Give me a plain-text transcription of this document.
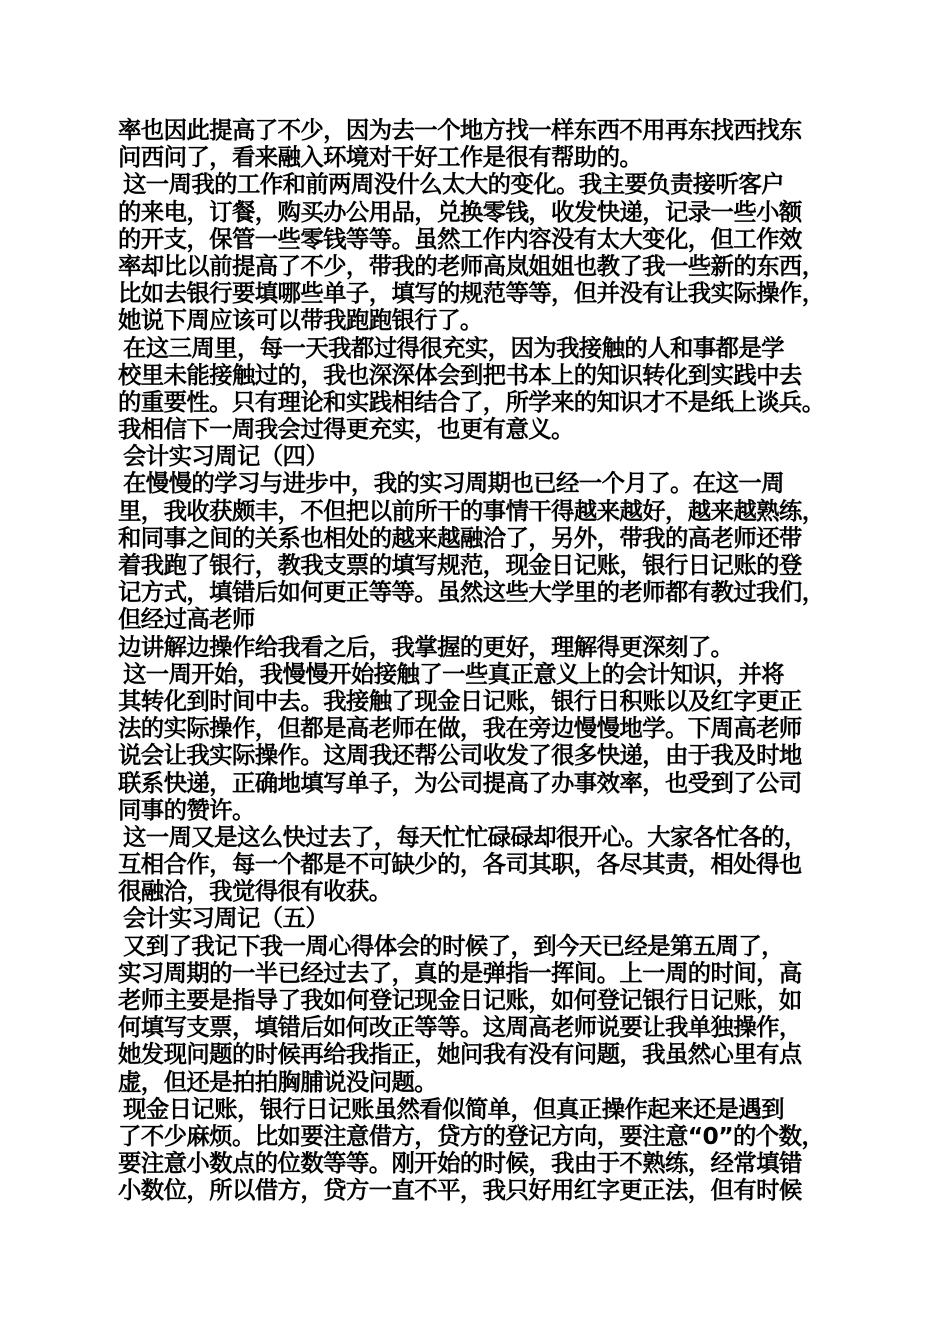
率也因此提高了不少，因为去一个地方找一样东西不用再东找西找东
问西问了，看来融入环境对干好工作是很有帮助的。
这一周我的工作和前两周没什么太大的变化。我主要负责接听客户
的来电，订餐，购买办公用品，兑换零钱，收发快递，记录一些小额
的开支，保管一些零钱等等。虽然工作内容没有太大变化，但工作效
率却比以前提高了不少，带我的老师高岚姐姐也教了我一些新的东西，
比如去银行要填哪些单子，填写的规范等等，但并没有让我实际操作，
她说下周应该可以带我跑跑银行了。
在这三周里，每一天我都过得很充实，因为我接触的人和事都是学
校里未能接触过的，我也深深体会到把书本上的知识转化到实践中去
的重要性。只有理论和实践相结合了，所学来的知识才不是纸上谈兵。
我相信下一周我会过得更充实，也更有意义。
会计实习周记（四）
在慢慢的学习与进步中，我的实习周期也已经一个月了。在这一周
里，我收获颇丰，不但把以前所干的事情干得越来越好，越来越熟练，
和同事之间的关系也相处的越来越融洽了，另外，带我的高老师还带
着我跑了银行，教我支票的填写规范，现金日记账，银行日记账的登
记方式，填错后如何更正等等。虽然这些大学里的老师都有教过我们，
但经过高老师
边讲解边操作给我看之后，我掌握的更好，理解得更深刻了。
这一周开始，我慢慢开始接触了一些真正意义上的会计知识，并将
其转化到时间中去。我接触了现金日记账，银行日积账以及红字更正
法的实际操作，但都是高老师在做，我在旁边慢慢地学。下周高老师
说会让我实际操作。这周我还帮公司收发了很多快递，由于我及时地
联系快递，正确地填写单子，为公司提高了办事效率，也受到了公司
同事的赞许。
这一周又是这么快过去了，每天忙忙碌碌却很开心。大家各忙各的，
互相合作，每一个都是不可缺少的，各司其职，各尽其责，相处得也
很融洽，我觉得很有收获。
会计实习周记（五）
又到了我记下我一周心得体会的时候了，到今天已经是第五周了，
实习周期的一半已经过去了，真的是弹指一挥间。上一周的时间，高
老师主要是指导了我如何登记现金日记账，如何登记银行日记账，如
何填写支票，填错后如何改正等等。这周高老师说要让我单独操作，
她发现问题的时候再给我指正，她问我有没有问题，我虽然心里有点
虚，但还是拍拍胸脯说没问题。
现金日记账，银行日记账虽然看似简单，但真正操作起来还是遇到
了不少麻烦。比如要注意借方，贷方的登记方向，要注意“0”的个数，
要注意小数点的位数等等。刚开始的时候，我由于不熟练，经常填错
小数位，所以借方，贷方一直不平，我只好用红字更正法，但有时候
